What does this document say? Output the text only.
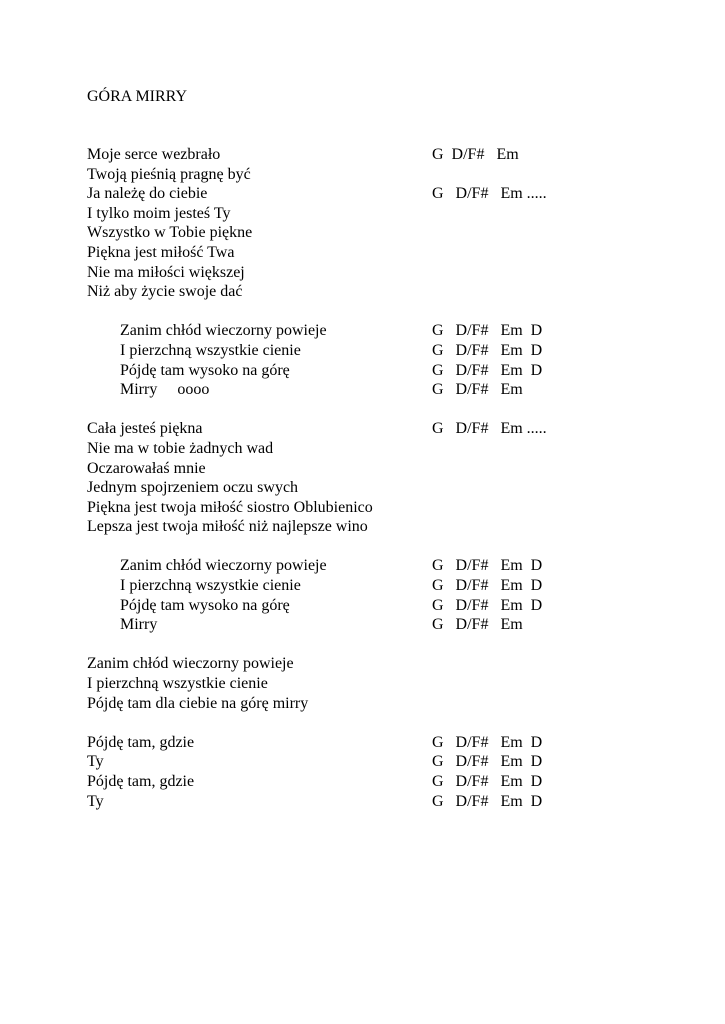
GÓRA MIRRY
Moje serce wezbrało	G  D/F#   Em
Twoją pieśnią pragnę być
Ja należę do ciebie	G   D/F#   Em .....
I tylko moim jesteś Ty
Wszystko w Tobie piękne
Piękna jest miłość Twa
Nie ma miłości większej
Niż aby życie swoje dać
Zanim chłód wieczorny powieje	G   D/F#   Em  D
I pierzchną wszystkie cienie	G   D/F#   Em  D
Pójdę tam wysoko na górę	G   D/F#   Em  D
Mirry     oooo	G   D/F#   Em
Cała jesteś piękna	G   D/F#   Em .....
Nie ma w tobie żadnych wad
Oczarowałaś mnie
Jednym spojrzeniem oczu swych
Piękna jest twoja miłość siostro Oblubienico
Lepsza jest twoja miłość niż najlepsze wino
Zanim chłód wieczorny powieje	G   D/F#   Em  D
I pierzchną wszystkie cienie	G   D/F#   Em  D
Pójdę tam wysoko na górę	G   D/F#   Em  D
Mirry	G   D/F#   Em
Zanim chłód wieczorny powieje
I pierzchną wszystkie cienie
Pójdę tam dla ciebie na górę mirry
Pójdę tam, gdzie	G   D/F#   Em  D
Ty	G   D/F#   Em  D
Pójdę tam, gdzie	G   D/F#   Em  D
Ty	G   D/F#   Em  D
